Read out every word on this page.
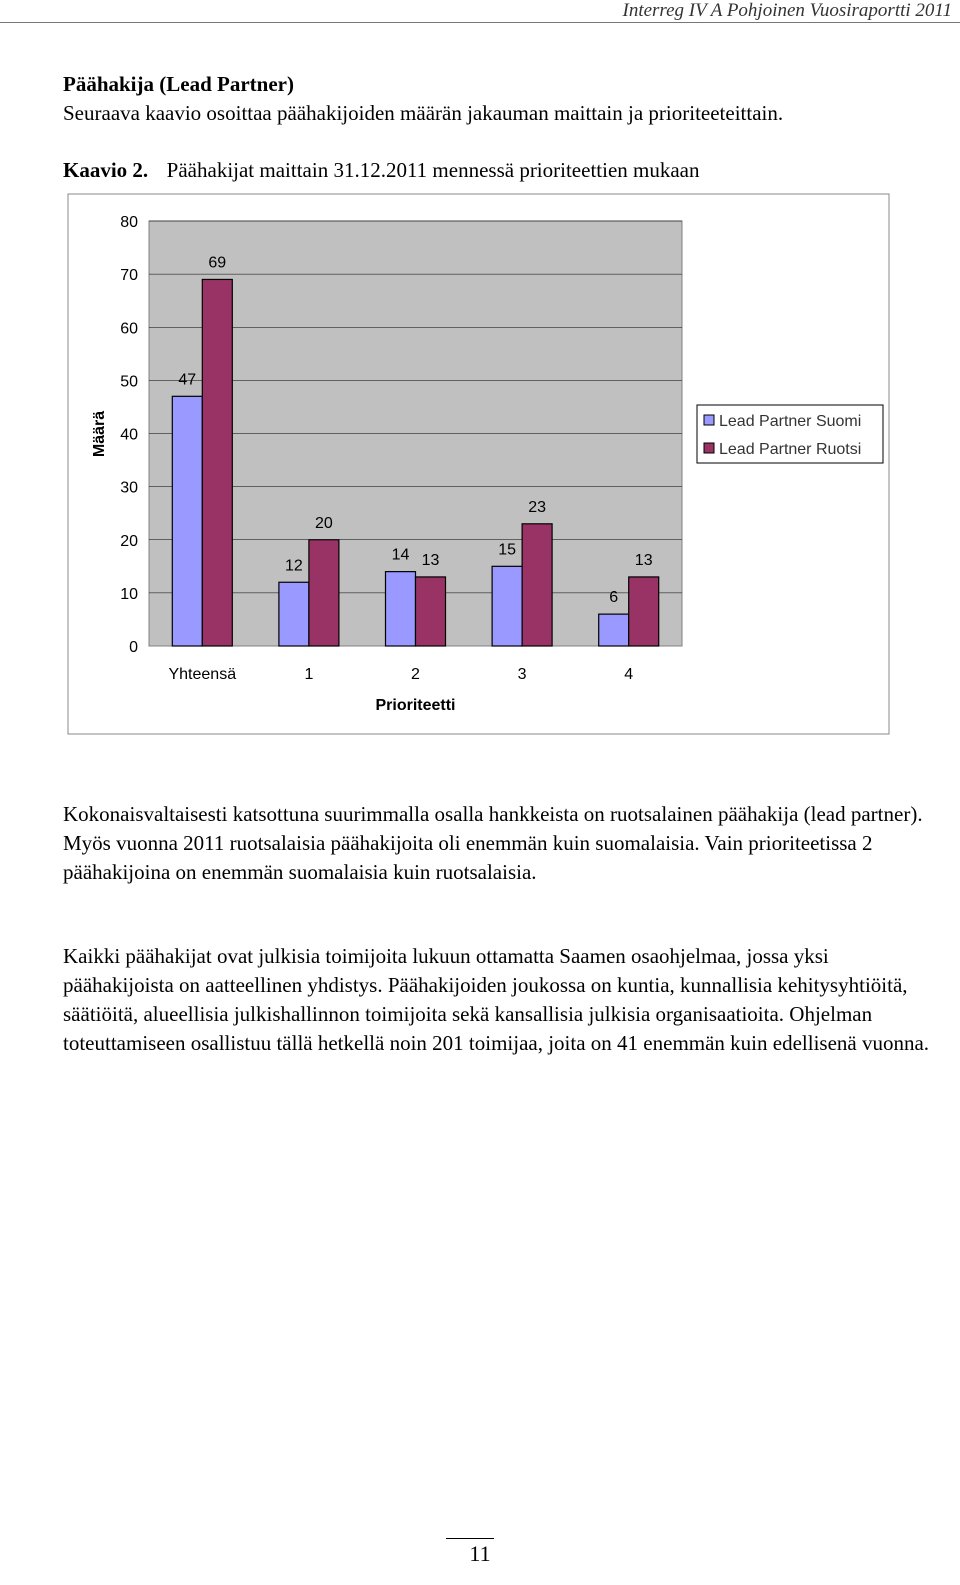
Interreg IV A Pohjoinen Vuosiraportti 2011
Päähakija (Lead Partner)
Seuraava kaavio osoittaa päähakijoiden määrän jakauman maittain ja prioriteeteittain.
Kaavio 2. Päähakijat maittain 31.12.2011 mennessä prioriteettien mukaan
0
10
20
30
40
50
60
70
80
Määrä
47
69
Yhteensä
12
20
1
14 13
2
15
23
3
6
13
4
Prioriteetti
Lead Partner Suomi
Lead Partner Ruotsi
Kokonaisvaltaisesti katsottuna suurimmalla osalla hankkeista on ruotsalainen päähakija (lead partner). Myös vuonna 2011 ruotsalaisia päähakijoita oli enemmän kuin suomalaisia. Vain prioriteetissa 2 päähakijoina on enemmän suomalaisia kuin ruotsalaisia.
Kaikki päähakijat ovat julkisia toimijoita lukuun ottamatta Saamen osaohjelmaa, jossa yksi päähakijoista on aatteellinen yhdistys. Päähakijoiden joukossa on kuntia, kunnallisia kehitysyhtiöitä, säätiöitä, alueellisia julkishallinnon toimijoita sekä kansallisia julkisia organisaatioita. Ohjelman toteuttamiseen osallistuu tällä hetkellä noin 201 toimijaa, joita on 41 enemmän kuin edellisenä vuonna.
11
